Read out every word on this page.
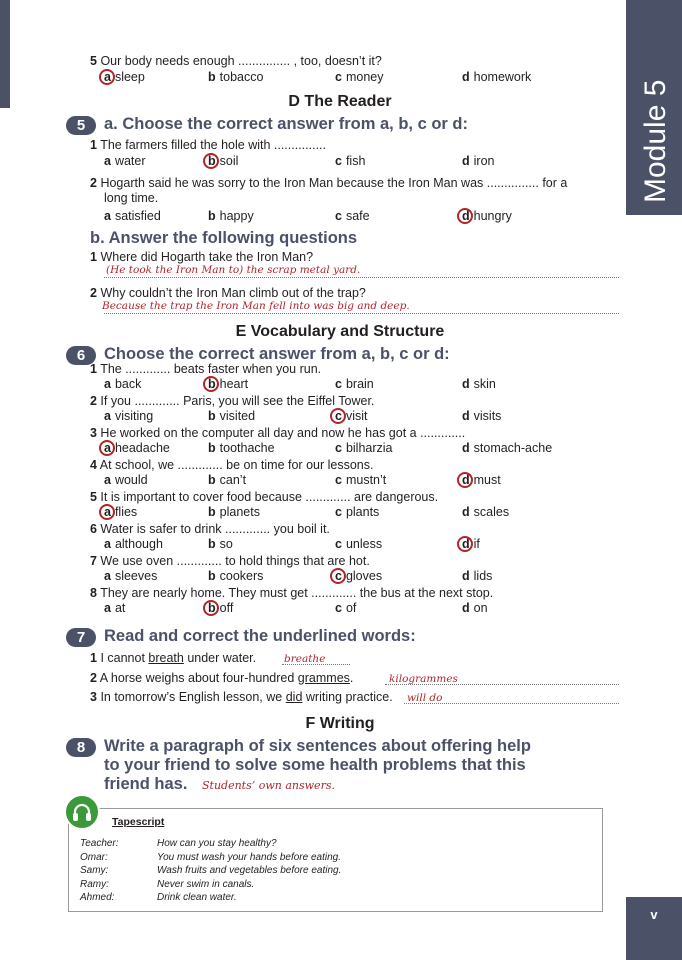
Module 5
v
5 Our body needs enough ............... , too, doesn’t it?
a sleep	b tobacco	c money	d homework
D The Reader
5	a. Choose the correct answer from a, b, c or d:
1 The farmers filled the hole with ...............
a water	b soil	c fish	d iron
2 Hogarth said he was sorry to the Iron Man because the Iron Man was ............... for a
long time.
a satisfied	b happy	c safe	d hungry
b. Answer the following questions
1 Where did Hogarth take the Iron Man?
(He took the Iron Man to) the scrap metal yard.
2 Why couldn’t the Iron Man climb out of the trap?
Because the trap the Iron Man fell into was big and deep.
E Vocabulary and Structure
6	Choose the correct answer from a, b, c or d:
1 The ............. beats faster when you run.
a back	b heart	c brain	d skin
2 If you ............. Paris, you will see the Eiffel Tower.
a visiting	b visited	c visit	d visits
3 He worked on the computer all day and now he has got a .............
a headache	b toothache	c bilharzia	d stomach-ache
4 At school, we ............. be on time for our lessons.
a would	b can’t	c mustn’t	d must
5 It is important to cover food because ............. are dangerous.
a flies	b planets	c plants	d scales
6 Water is safer to drink ............. you boil it.
a although	b so	c unless	d if
7 We use oven ............. to hold things that are hot.
a sleeves	b cookers	c gloves	d lids
8 They are nearly home. They must get ............. the bus at the next stop.
a at	b off	c of	d on
7	Read and correct the underlined words:
1 I cannot breath under water.	breathe
2 A horse weighs about four-hundred grammes.	kilogrammes
3 In tomorrow’s English lesson, we did writing practice. will do
F Writing
8	Write a paragraph of six sentences about offering help
to your friend to solve some health problems that this
friend has. Students’ own answers.
Tapescript
Teacher:	How can you stay healthy?
Omar:	You must wash your hands before eating.
Samy:	Wash fruits and vegetables before eating.
Ramy:	Never swim in canals.
Ahmed:	Drink clean water.
